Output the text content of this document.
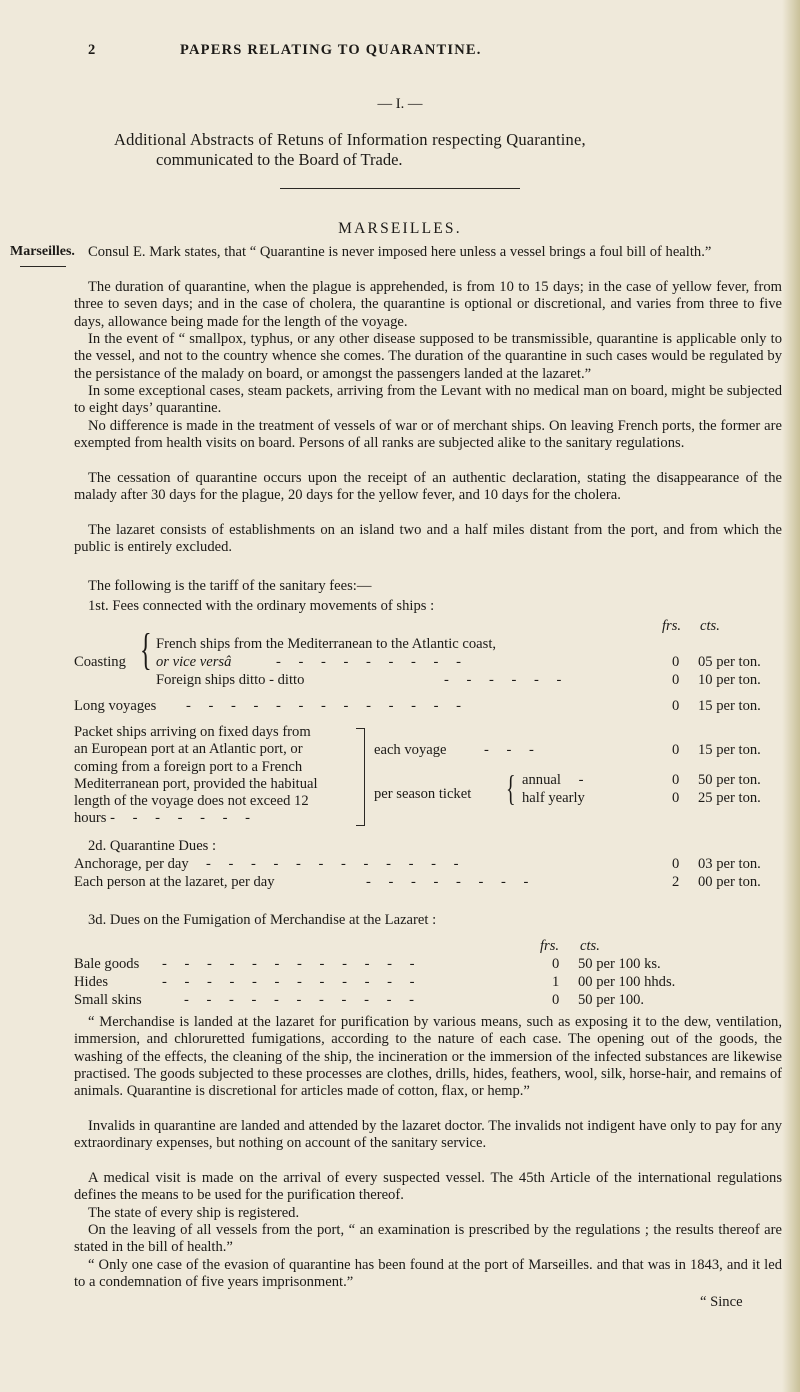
2	PAPERS RELATING TO QUARANTINE.
— I. —
Additional Abstracts of Retuns of Information respecting Quarantine,
communicated to the Board of Trade.
MARSEILLES.
Marseilles. Consul E. Mark states, that “ Quarantine is never imposed here unless a vessel brings a foul bill of health.”

The duration of quarantine, when the plague is apprehended, is from 10 to 15 days; in the case of yellow fever, from three to seven days; and in the case of cholera, the quarantine is optional or discretional, and varies from three to five days, allowance being made for the length of the voyage.

In the event of “ smallpox, typhus, or any other disease supposed to be transmissible, quarantine is applicable only to the vessel, and not to the country whence she comes. The duration of the quarantine in such cases would be regulated by the persistance of the malady on board, or amongst the passengers landed at the lazaret.”

In some exceptional cases, steam packets, arriving from the Levant with no medical man on board, might be subjected to eight days’ quarantine.

No difference is made in the treatment of vessels of war or of merchant ships. On leaving French ports, the former are exempted from health visits on board. Persons of all ranks are subjected alike to the sanitary regulations.

The cessation of quarantine occurs upon the receipt of an authentic declaration, stating the disappearance of the malady after 30 days for the plague, 20 days for the yellow fever, and 10 days for the cholera.

The lazaret consists of establishments on an island two and a half miles distant from the port, and from which the public is entirely excluded.

The following is the tariff of the sanitary fees:—
1st. Fees connected with the ordinary movements of ships :
frs. cts.
Coasting { French ships from the Mediterranean to the Atlantic coast,
or vice versâ	- - - - - - - - -	0 05 per ton.
Foreign ships ditto - ditto	- - - - - -	0 10 per ton.
Long voyages - - - - - - - - - - - - -	0 15 per ton.
Packet ships arriving on fixed days from
an European port at an Atlantic port, or
coming from a foreign port to a French
Mediterranean port, provided the habitual
length of the voyage does not exceed 12
hours - - - - - - -
each voyage	- - -	0 15 per ton.
per season ticket { annual -	0 50 per ton.
half yearly	0 25 per ton.
2d. Quarantine Dues :
Anchorage, per day - - - - - - - - - - - -	0 03 per ton.
Each person at the lazaret, per day	- - - - - - - -	2 00 per ton.
3d. Dues on the Fumigation of Merchandise at the Lazaret :
frs. cts.
Bale goods - - - - - - - - - - - -	0 50 per 100 ks.
Hides	- - - - - - - - - - - -	1 00 per 100 hhds.
Small skins	- - - - - - - - - - -	0 50 per 100.

“ Merchandise is landed at the lazaret for purification by various means, such as exposing it to the dew, ventilation, immersion, and chloruretted fumigations, according to the nature of each case. The opening out of the goods, the washing of the effects, the cleaning of the ship, the incineration or the immersion of the infected substances are likewise practised. The goods subjected to these processes are clothes, drills, hides, feathers, wool, silk, horse-hair, and remains of animals. Quarantine is discretional for articles made of cotton, flax, or hemp.”

Invalids in quarantine are landed and attended by the lazaret doctor. The invalids not indigent have only to pay for any extraordinary expenses, but nothing on account of the sanitary service.

A medical visit is made on the arrival of every suspected vessel. The 45th Article of the international regulations defines the means to be used for the purification thereof.

The state of every ship is registered.

On the leaving of all vessels from the port, “ an examination is prescribed by the regulations ; the results thereof are stated in the bill of health.”

“ Only one case of the evasion of quarantine has been found at the port of Marseilles. and that was in 1843, and it led to a condemnation of five years imprisonment.”

“ Since
